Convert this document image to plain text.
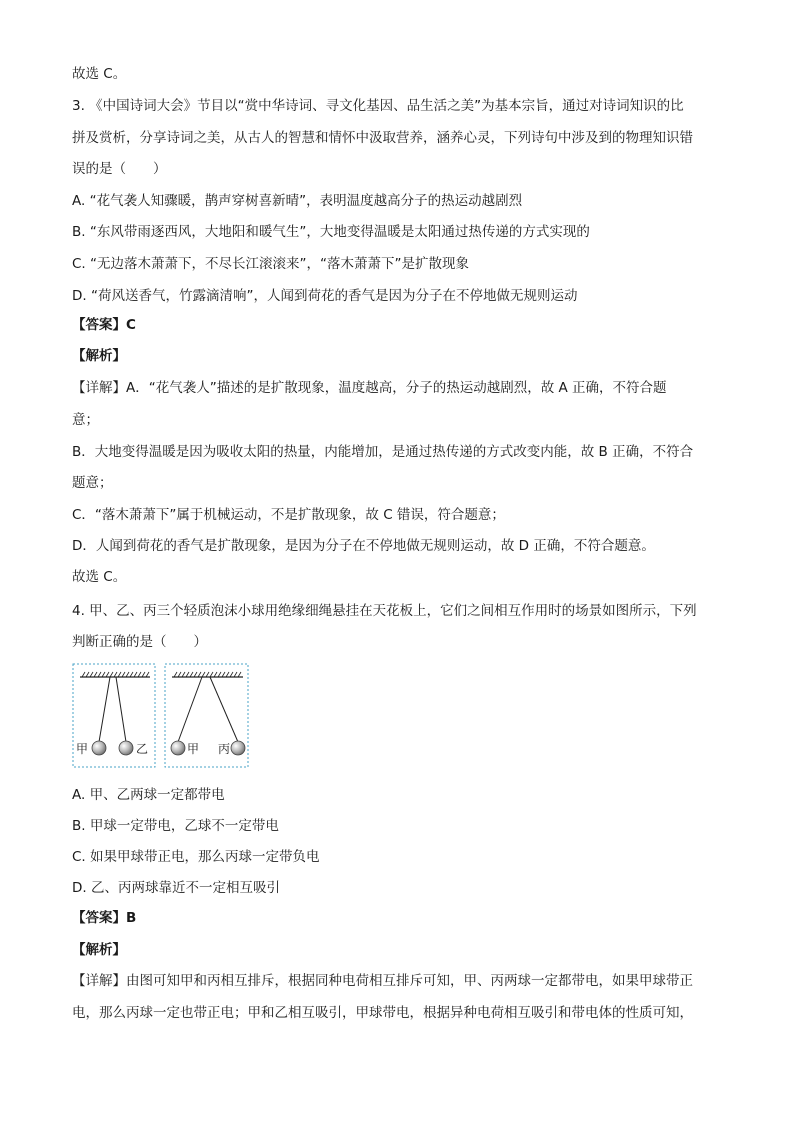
故选 C。
3. 《中国诗词大会》节目以“赏中华诗词、寻文化基因、品生活之美”为基本宗旨，通过对诗词知识的比
拼及赏析，分享诗词之美，从古人的智慧和情怀中汲取营养，涵养心灵，下列诗句中涉及到的物理知识错
误的是（　　）
A. “花气袭人知骤暖，鹊声穿树喜新晴”，表明温度越高分子的热运动越剧烈
B. “东风带雨逐西风，大地阳和暖气生”，大地变得温暖是太阳通过热传递的方式实现的
C. “无边落木萧萧下，不尽长江滚滚来”，“落木萧萧下”是扩散现象
D. “荷风送香气，竹露滴清响”，人闻到荷花的香气是因为分子在不停地做无规则运动
【答案】C
【解析】
【详解】A．“花气袭人”描述的是扩散现象，温度越高，分子的热运动越剧烈，故 A 正确，不符合题
意；
B．大地变得温暖是因为吸收太阳的热量，内能增加，是通过热传递的方式改变内能，故 B 正确，不符合
题意；
C．“落木萧萧下”属于机械运动，不是扩散现象，故 C 错误，符合题意；
D．人闻到荷花的香气是扩散现象，是因为分子在不停地做无规则运动，故 D 正确，不符合题意。
故选 C。
4. 甲、乙、丙三个轻质泡沫小球用绝缘细绳悬挂在天花板上，它们之间相互作用时的场景如图所示，下列
判断正确的是（　　）
甲	乙	甲 丙
A. 甲、乙两球一定都带电
B. 甲球一定带电，乙球不一定带电
C. 如果甲球带正电，那么丙球一定带负电
D. 乙、丙两球靠近不一定相互吸引
【答案】B
【解析】
【详解】由图可知甲和丙相互排斥，根据同种电荷相互排斥可知，甲、丙两球一定都带电，如果甲球带正
电，那么丙球一定也带正电；甲和乙相互吸引，甲球带电，根据异种电荷相互吸引和带电体的性质可知，
